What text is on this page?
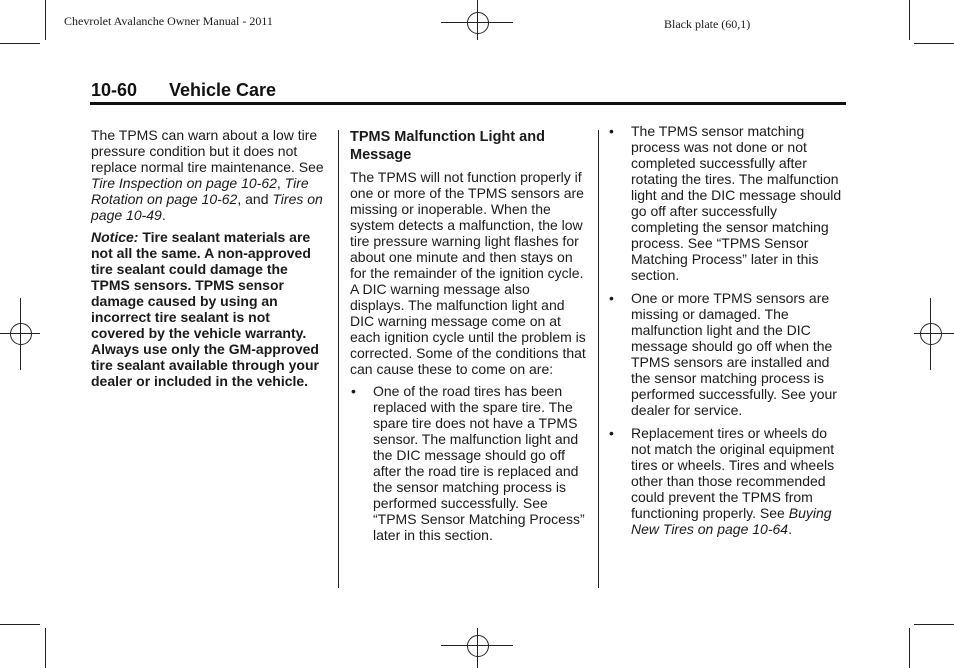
Chevrolet Avalanche Owner Manual - 2011	Black plate (60,1)
10-60 Vehicle Care

The TPMS can warn about a low tire pressure condition but it does not replace normal tire maintenance. See Tire Inspection on page 10-62, Tire Rotation on page 10-62, and Tires on page 10-49.

Notice: Tire sealant materials are not all the same. A non-approved tire sealant could damage the TPMS sensors. TPMS sensor damage caused by using an incorrect tire sealant is not covered by the vehicle warranty. Always use only the GM-approved tire sealant available through your dealer or included in the vehicle.

TPMS Malfunction Light and Message

The TPMS will not function properly if one or more of the TPMS sensors are missing or inoperable. When the system detects a malfunction, the low tire pressure warning light flashes for about one minute and then stays on for the remainder of the ignition cycle. A DIC warning message also displays. The malfunction light and DIC warning message come on at each ignition cycle until the problem is corrected. Some of the conditions that can cause these to come on are:

• One of the road tires has been replaced with the spare tire. The spare tire does not have a TPMS sensor. The malfunction light and the DIC message should go off after the road tire is replaced and the sensor matching process is performed successfully. See “TPMS Sensor Matching Process” later in this section.
• The TPMS sensor matching process was not done or not completed successfully after rotating the tires. The malfunction light and the DIC message should go off after successfully completing the sensor matching process. See “TPMS Sensor Matching Process” later in this section.
• One or more TPMS sensors are missing or damaged. The malfunction light and the DIC message should go off when the TPMS sensors are installed and the sensor matching process is performed successfully. See your dealer for service.
• Replacement tires or wheels do not match the original equipment tires or wheels. Tires and wheels other than those recommended could prevent the TPMS from functioning properly. See Buying New Tires on page 10-64.
